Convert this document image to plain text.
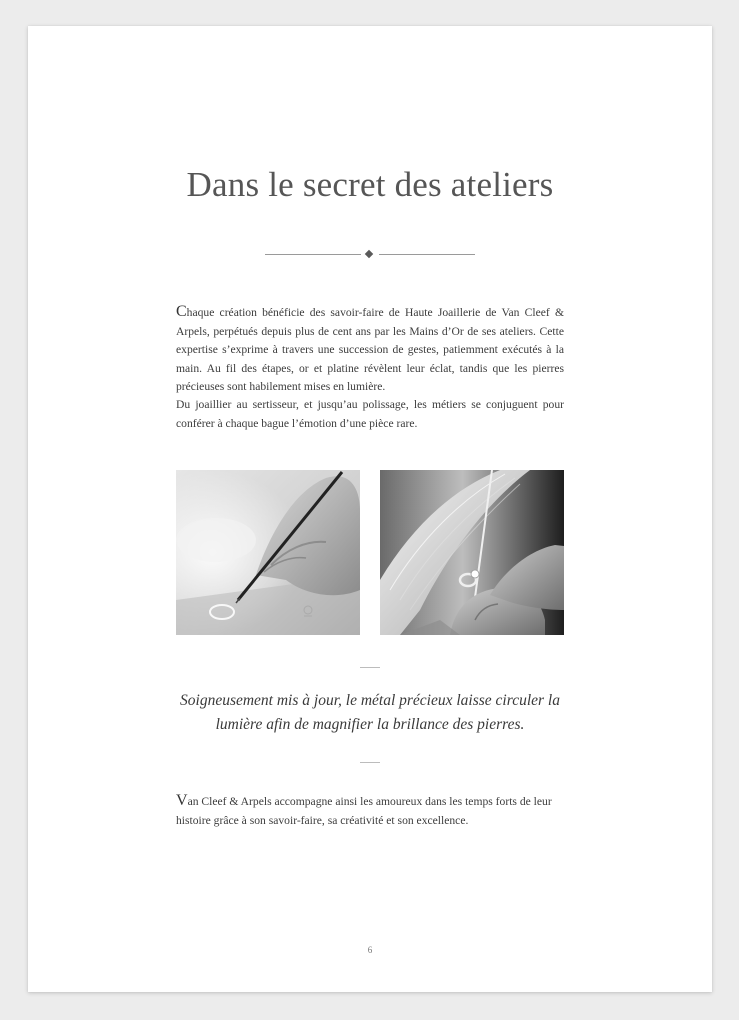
Dans le secret des ateliers

Chaque création bénéficie des savoir-faire de Haute Joaillerie de Van Cleef & Arpels, perpétués depuis plus de cent ans par les Mains d’Or de ses ateliers. Cette expertise s’exprime à travers une succession de gestes, patiemment exécutés à la main. Au fil des étapes, or et platine révèlent leur éclat, tandis que les pierres précieuses sont habilement mises en lumière.

Du joaillier au sertisseur, et jusqu’au polissage, les métiers se conjuguent pour conférer à chaque bague l’émotion d’une pièce rare.

Soigneusement mis à jour, le métal précieux laisse circuler la
lumière afin de magnifier la brillance des pierres.

Van Cleef & Arpels accompagne ainsi les amoureux dans les temps forts de leur histoire grâce à son savoir-faire, sa créativité et son excellence.

6
